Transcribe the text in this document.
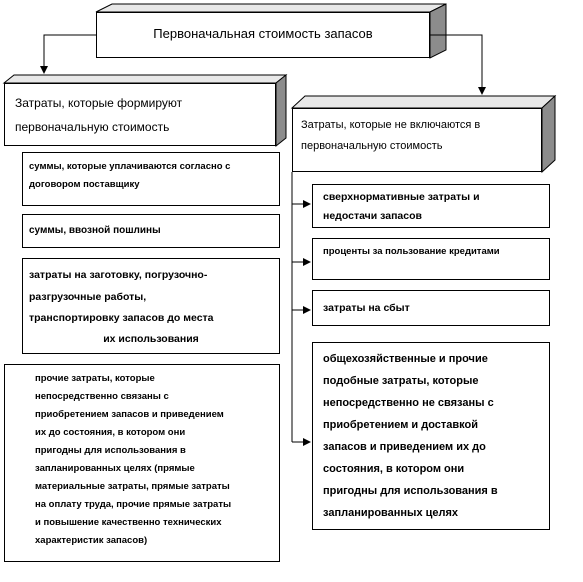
Первоначальная стоимость запасов
Затраты, которые формируют
первоначальную стоимость	Затраты, которые не включаются в
первоначальную стоимость
суммы, которые уплачиваются согласно с
договором поставщику
суммы, ввозной пошлины
затраты на заготовку, погрузочно-
разгрузочные работы,
транспортировку запасов до места
их использования
прочие затраты, которые
непосредственно связаны с
приобретением запасов и приведением
их до состояния, в котором они
пригодны для использования в
запланированных целях (прямые
материальные затраты, прямые затраты
на оплату труда, прочие прямые затраты
и повышение качественно технических
характеристик запасов)
сверхнормативные затраты и
недостачи запасов
проценты за пользование кредитами
затраты на сбыт
общехозяйственные и прочие
подобные затраты, которые
непосредственно не связаны с
приобретением и доставкой
запасов и приведением их до
состояния, в котором они
пригодны для использования в
запланированных целях
